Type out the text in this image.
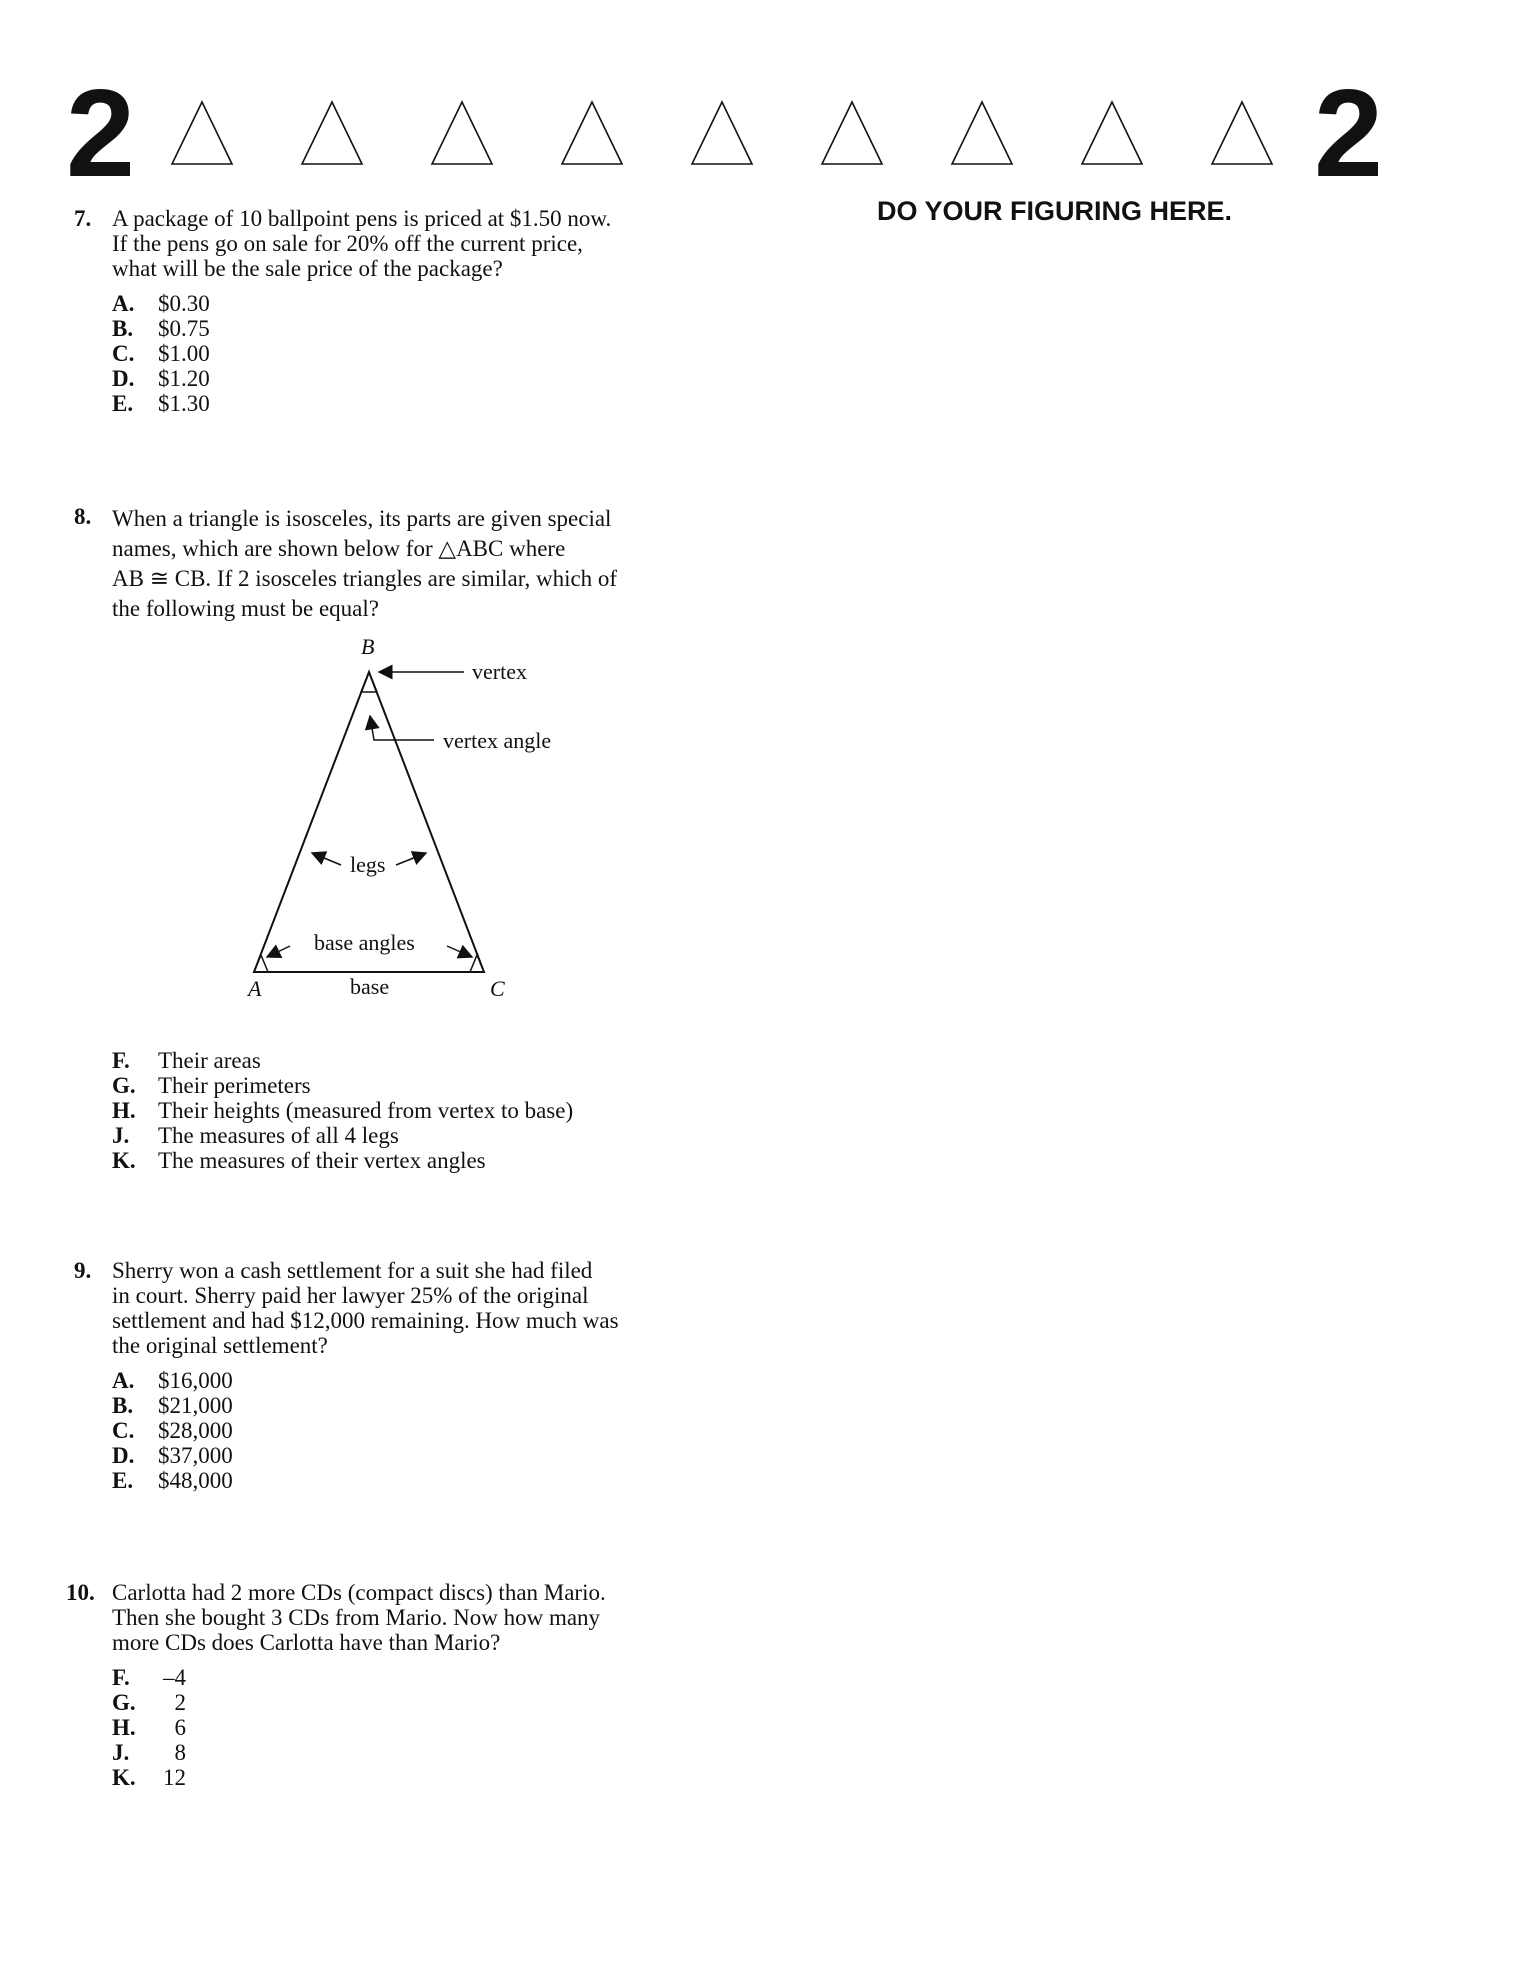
2	2
DO YOUR FIGURING HERE.
7. A package of 10 ballpoint pens is priced at $1.50 now.
If the pens go on sale for 20% off the current price,
what will be the sale price of the package?
A.	$0.30
B.	$0.75
C.	$1.00
D.	$1.20
E.	$1.30
8. When a triangle is isosceles, its parts are given special
names, which are shown below for △ABC where
AB ≅ CB. If 2 isosceles triangles are similar, which of
the following must be equal?
B
vertex
vertex angle
legs
base angles
A	base	C
F.	Their areas
G. Their perimeters
H. Their heights (measured from vertex to base)
J.	The measures of all 4 legs
K. The measures of their vertex angles
9. Sherry won a cash settlement for a suit she had filed
in court. Sherry paid her lawyer 25% of the original
settlement and had $12,000 remaining. How much was
the original settlement?
A.	$16,000
B.	$21,000
C.	$28,000
D.	$37,000
E.	$48,000
10. Carlotta had 2 more CDs (compact discs) than Mario.
Then she bought 3 CDs from Mario. Now how many
more CDs does Carlotta have than Mario?
F.	–4
G.	2
H.	6
J.	8
K.	12
